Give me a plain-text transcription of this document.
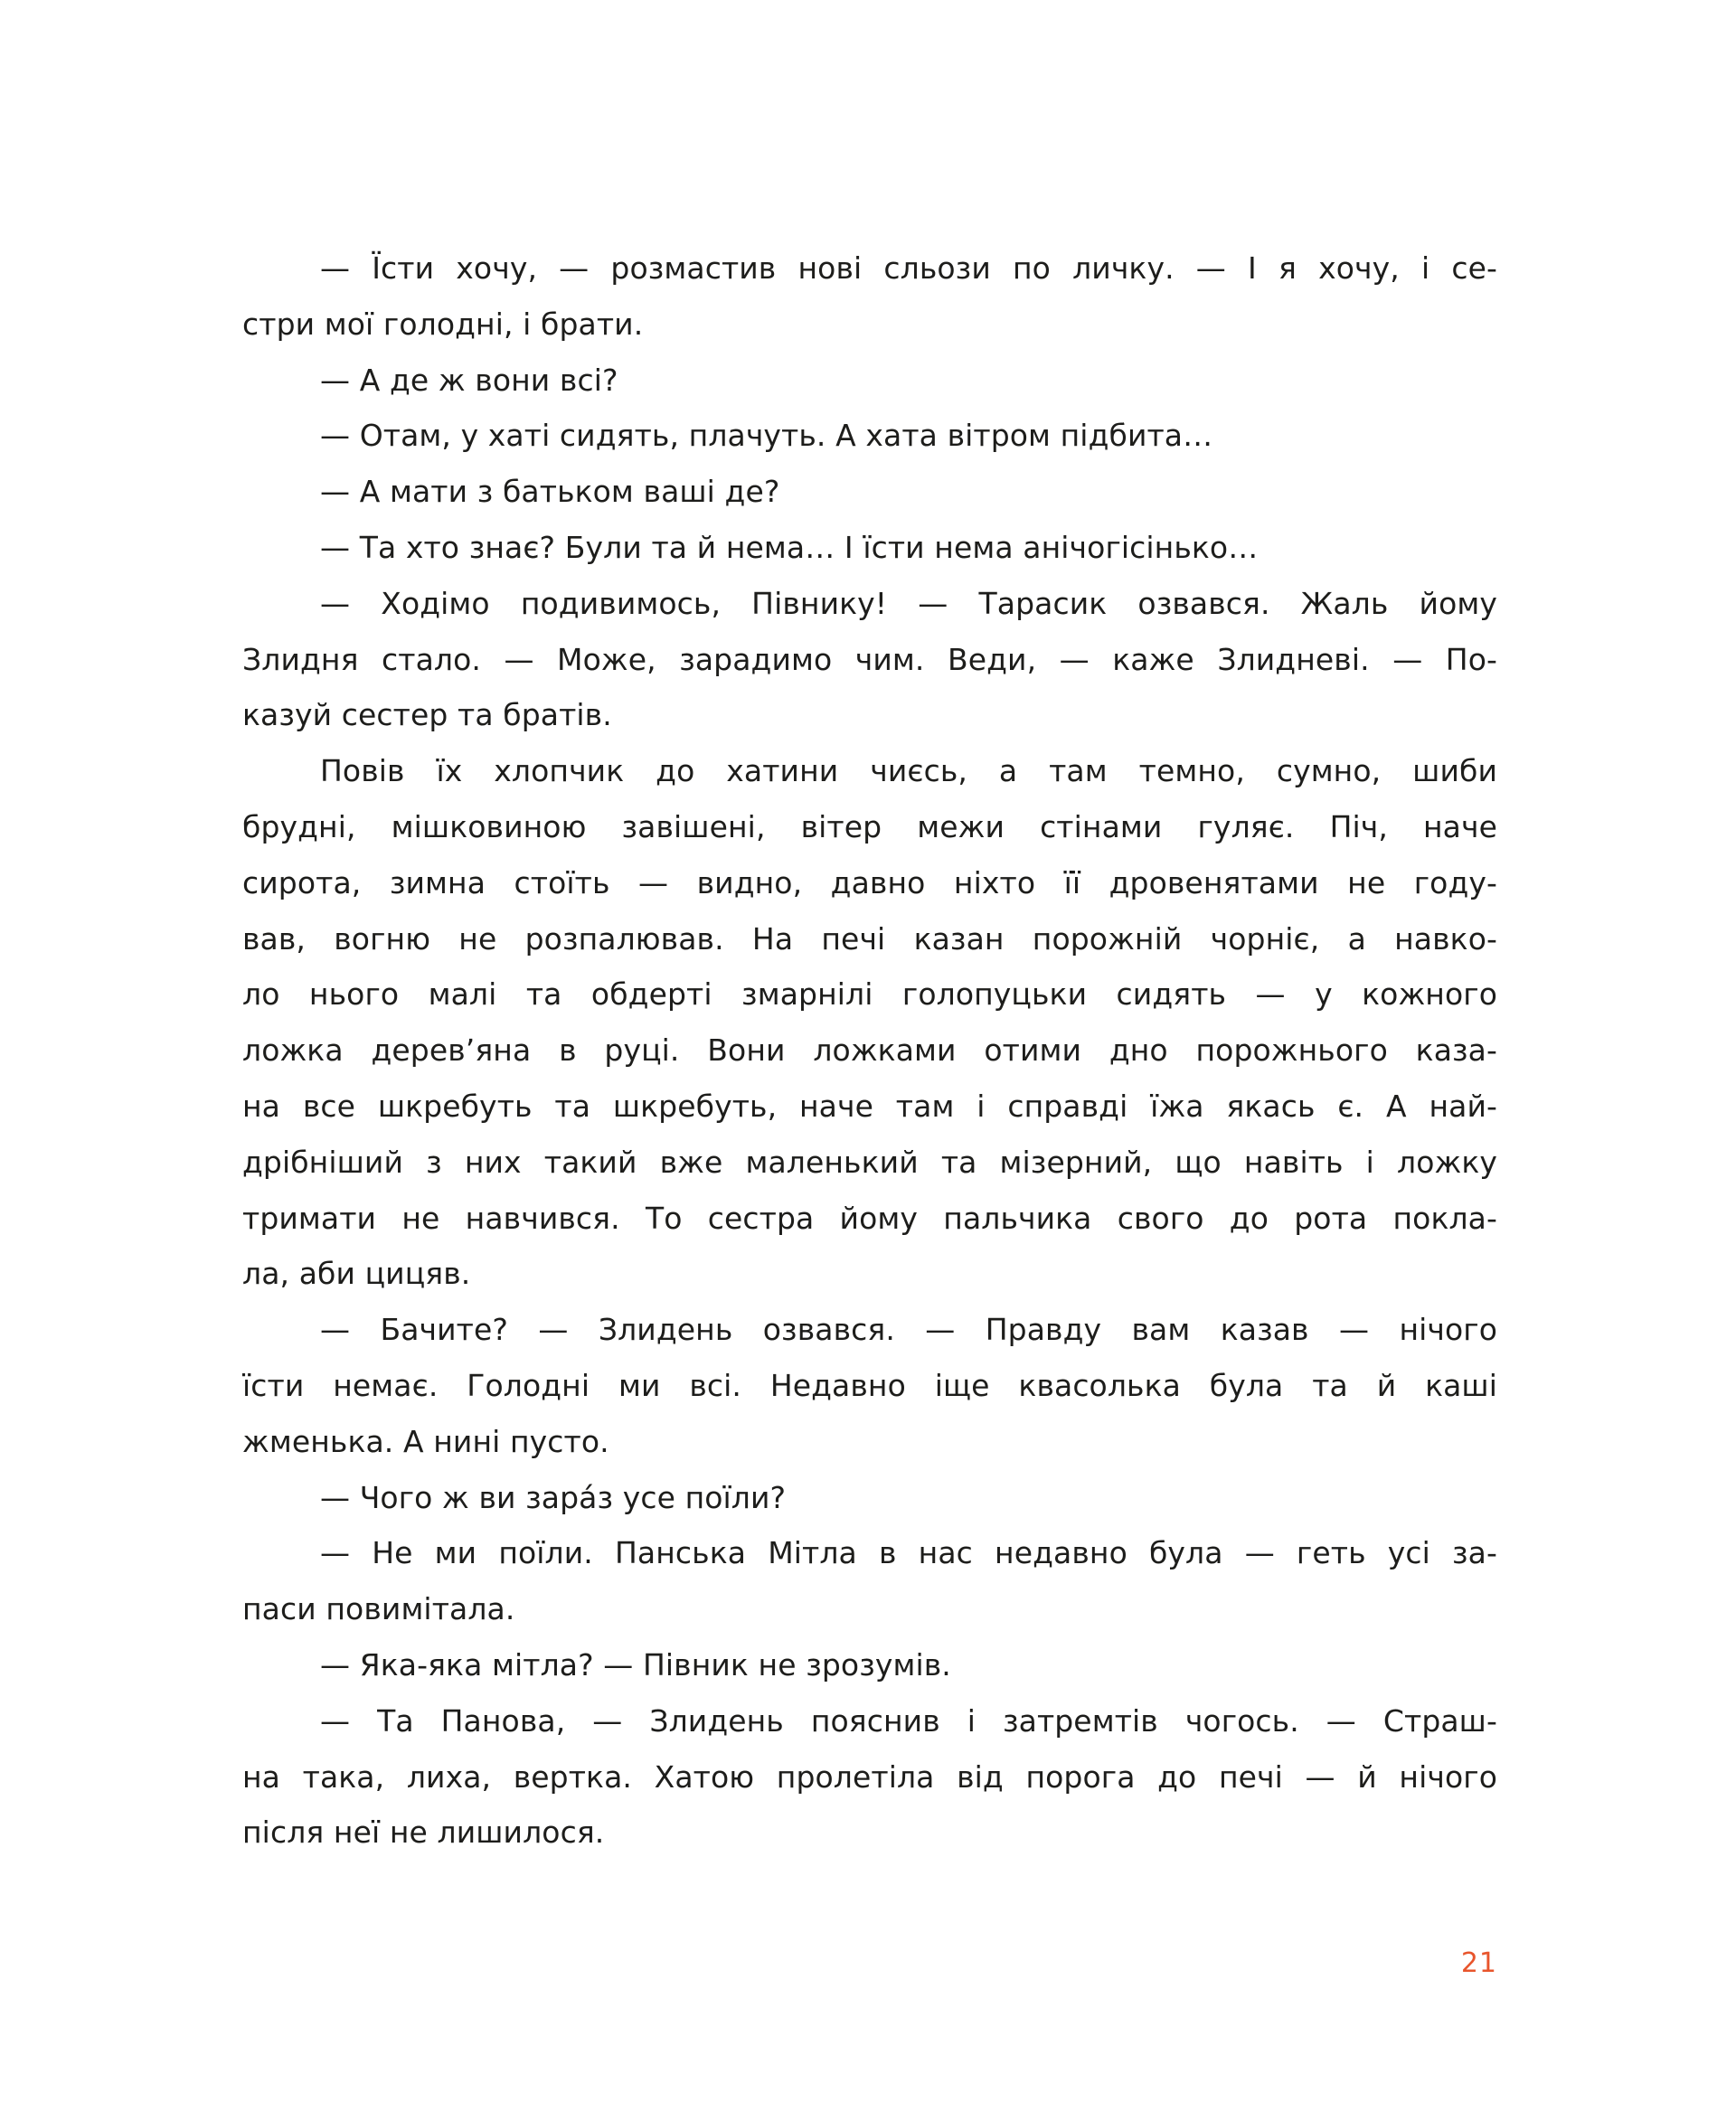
— Їсти хочу, — розмастив нові сльози по личку. — І я хочу, і се-
стри мої голодні, і брати.
— А де ж вони всі?
— Отам, у хаті сидять, плачуть. А хата вітром підбита…
— А мати з батьком ваші де?
— Та хто знає? Були та й нема… І їсти нема анічогісінько…
— Ходімо подивимось, Півнику! — Тарасик озвався. Жаль йому
Злидня стало. — Може, зарадимо чим. Веди, — каже Злидневі. — По-
казуй сестер та братів.
Повів їх хлопчик до хатини чиєсь, а там темно, сумно, шиби
брудні, мішковиною завішені, вітер межи стінами гуляє. Піч, наче
сирота, зимна стоїть — видно, давно ніхто її дровенятами не году-
вав, вогню не розпалював. На печі казан порожній чорніє, а навко-
ло нього малі та обдерті змарнілі голопуцьки сидять — у кожного
ложка дерев’яна в руці. Вони ложками отими дно порожнього каза-
на все шкребуть та шкребуть, наче там і справді їжа якась є. А най-
дрібніший з них такий вже маленький та мізерний, що навіть і ложку
тримати не навчився. То сестра йому пальчика свого до рота покла-
ла, аби цицяв.
— Бачите? — Злидень озвався. — Правду вам казав — нічого
їсти немає. Голодні ми всі. Недавно іще квасолька була та й каші
жменька. А нині пусто.
— Чого ж ви зарáз усе поїли?
— Не ми поїли. Панська Мітла в нас недавно була — геть усі за-
паси повимітала.
— Яка-яка мітла? — Півник не зрозумів.
— Та Панова, — Злидень пояснив і затремтів чогось. — Страш-
на така, лиха, вертка. Хатою пролетіла від порога до печі — й нічого
після неї не лишилося.
21
